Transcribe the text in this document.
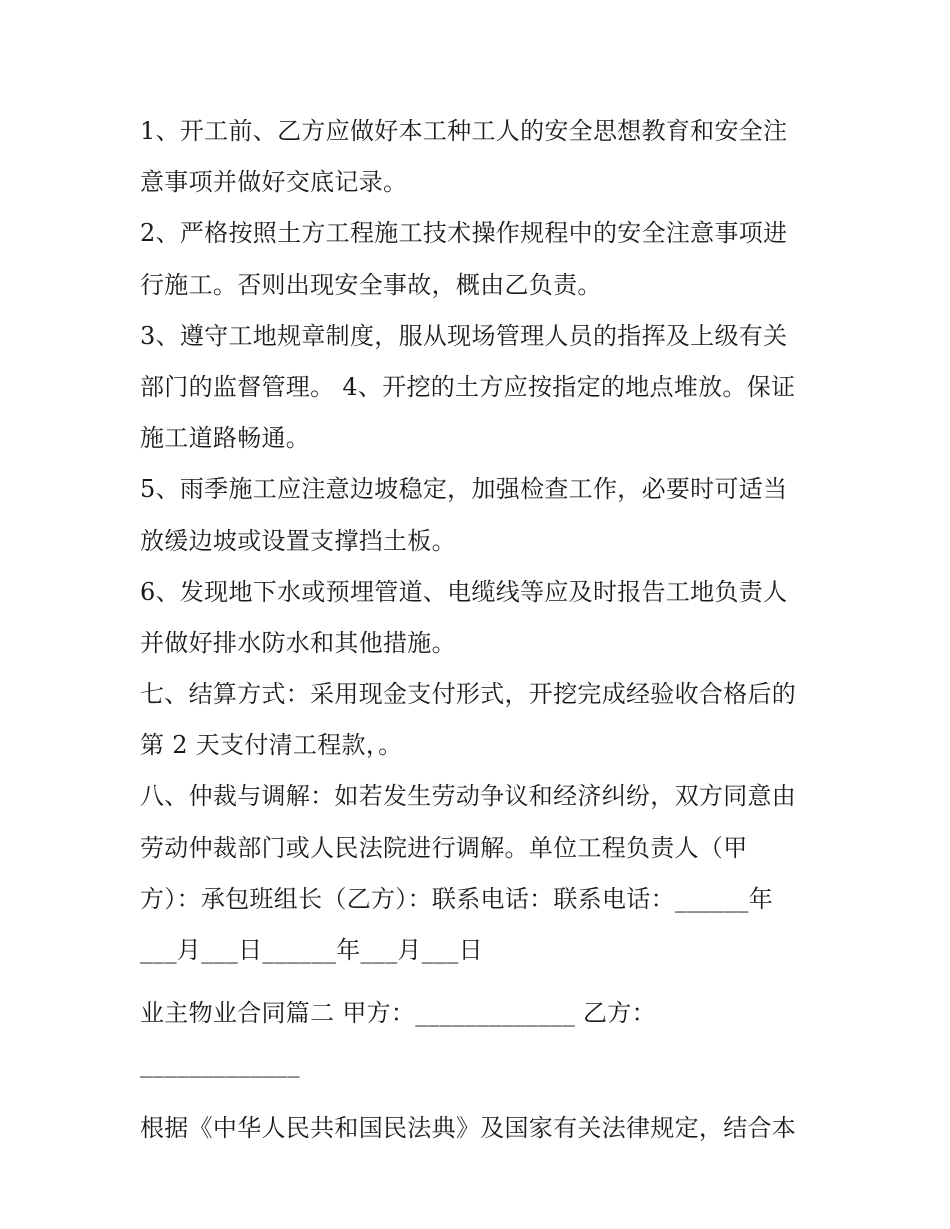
1、开工前、乙方应做好本工种工人的安全思想教育和安全注
意事项并做好交底记录。
2、严格按照土方工程施工技术操作规程中的安全注意事项进
行施工。否则出现安全事故，概由乙负责。
3、遵守工地规章制度，服从现场管理人员的指挥及上级有关
部门的监督管理。 4、开挖的土方应按指定的地点堆放。保证
施工道路畅通。
5、雨季施工应注意边坡稳定，加强检查工作，必要时可适当
放缓边坡或设置支撑挡土板。
6、发现地下水或预埋管道、电缆线等应及时报告工地负责人
并做好排水防水和其他措施。
七、结算方式：采用现金支付形式，开挖完成经验收合格后的
第 2 天支付清工程款，。
八、仲裁与调解：如若发生劳动争议和经济纠纷，双方同意由
劳动仲裁部门或人民法院进行调解。单位工程负责人（甲
方）：承包班组长（乙方）：联系电话：联系电话：______年
___月___日______年___月___日
业主物业合同篇二 甲方：_____________ 乙方：
_____________
根据《中华人民共和国民法典》及国家有关法律规定，结合本
